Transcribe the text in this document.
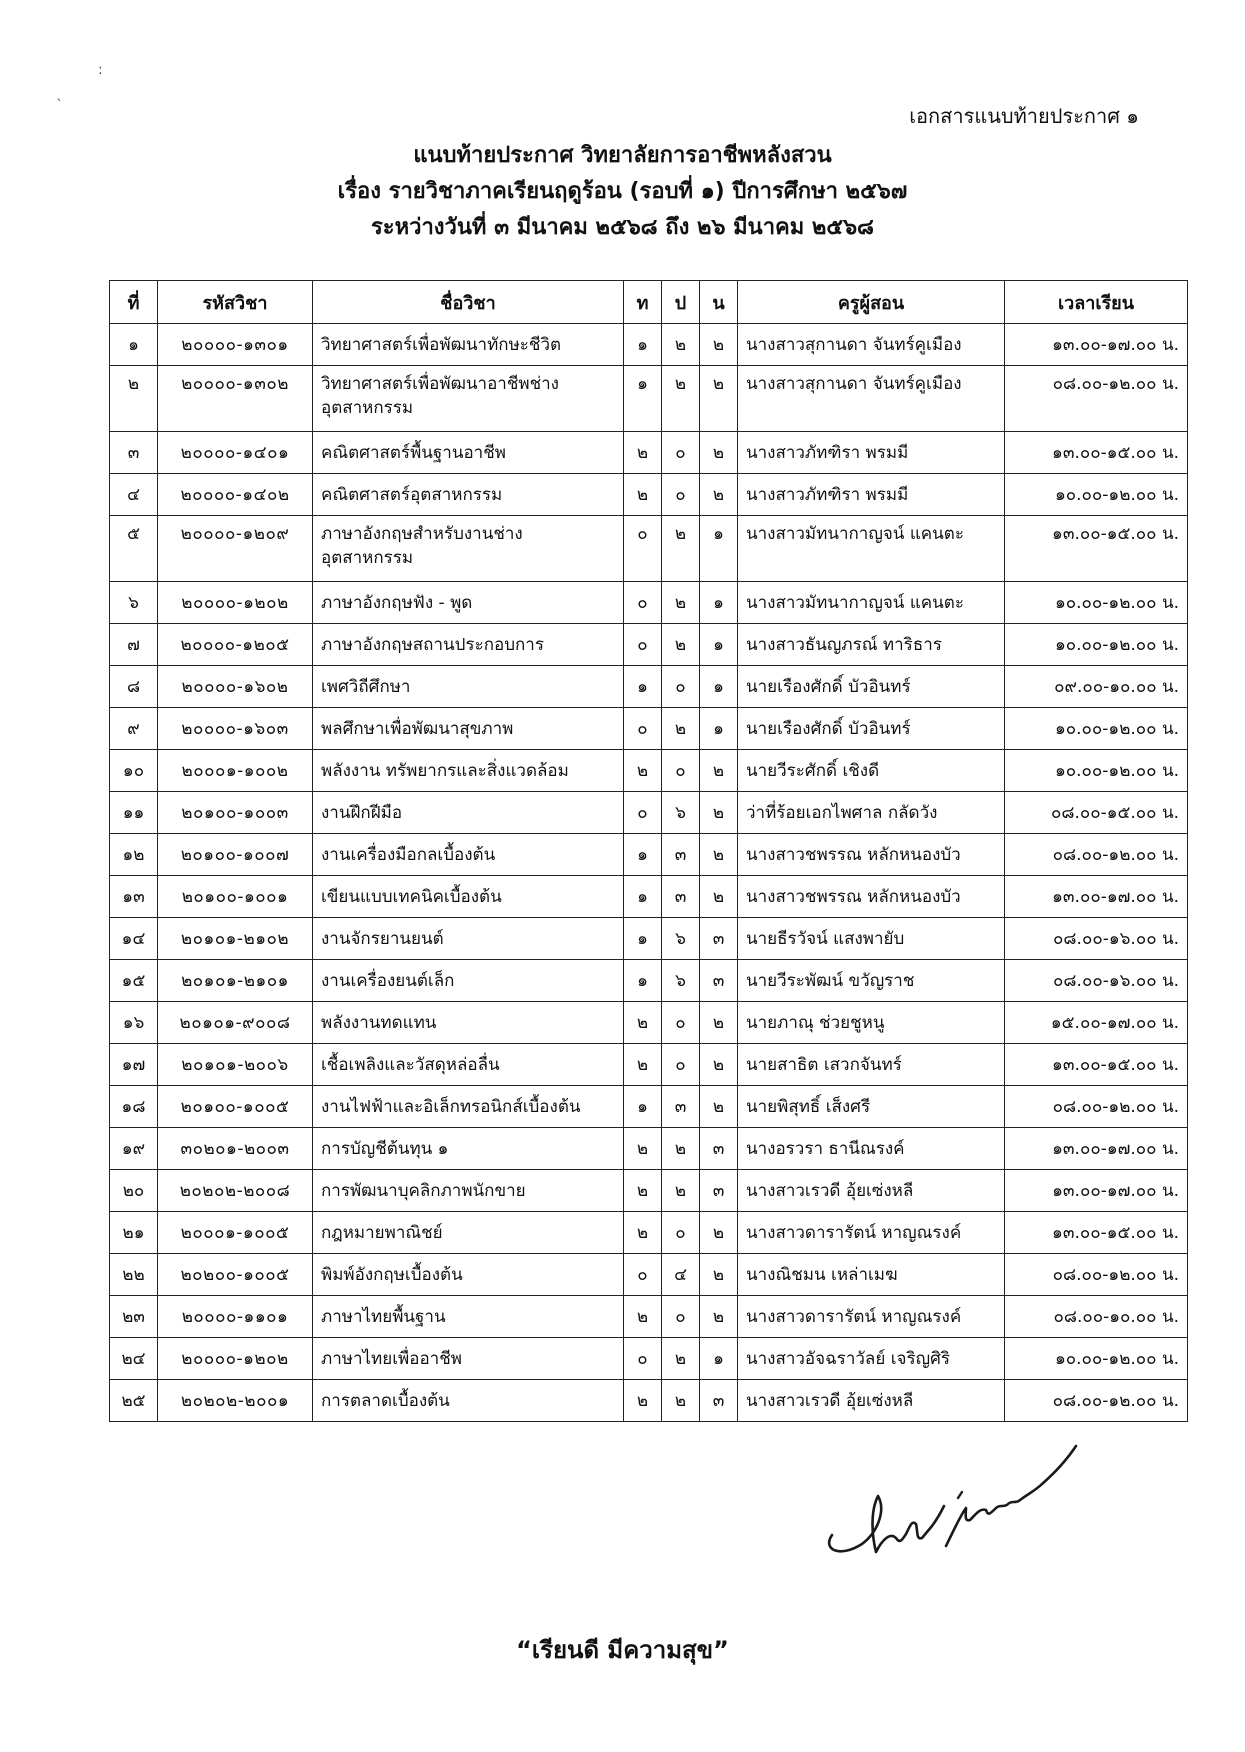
:
`	เอกสารแนบท้ายประกาศ ๑
แนบท้ายประกาศ วิทยาลัยการอาชีพหลังสวน
เรื่อง รายวิชาภาคเรียนฤดูร้อน (รอบที่ ๑) ปีการศึกษา ๒๕๖๗
ระหว่างวันที่ ๓ มีนาคม ๒๕๖๘ ถึง ๒๖ มีนาคม ๒๕๖๘
ที่	รหัสวิชา	ชื่อวิชา	ท	ป	น	ครูผู้สอน	เวลาเรียน
๑	๒๐๐๐๐-๑๓๐๑	วิทยาศาสตร์เพื่อพัฒนาทักษะชีวิต	๑	๒	๒	นางสาวสุกานดา จันทร์คูเมือง	๑๓.๐๐-๑๗.๐๐ น.
๒	๒๐๐๐๐-๑๓๐๒	วิทยาศาสตร์เพื่อพัฒนาอาชีพช่าง อุตสาหกรรม	๑	๒	๒	นางสาวสุกานดา จันทร์คูเมือง	๐๘.๐๐-๑๒.๐๐ น.
๓	๒๐๐๐๐-๑๔๐๑	คณิตศาสตร์พื้นฐานอาชีพ	๒	๐	๒	นางสาวภัทฑิรา พรมมี	๑๓.๐๐-๑๕.๐๐ น.
๔	๒๐๐๐๐-๑๔๐๒	คณิตศาสตร์อุตสาหกรรม	๒	๐	๒	นางสาวภัทฑิรา พรมมี	๑๐.๐๐-๑๒.๐๐ น.
๕	๒๐๐๐๐-๑๒๐๙	ภาษาอังกฤษสำหรับงานช่าง อุตสาหกรรม	๐	๒	๑	นางสาวมัทนากาญจน์ แคนตะ	๑๓.๐๐-๑๕.๐๐ น.
๖	๒๐๐๐๐-๑๒๐๒	ภาษาอังกฤษฟัง - พูด	๐	๒	๑	นางสาวมัทนากาญจน์ แคนตะ	๑๐.๐๐-๑๒.๐๐ น.
๗	๒๐๐๐๐-๑๒๐๕	ภาษาอังกฤษสถานประกอบการ	๐	๒	๑	นางสาวธันญภรณ์ ทาริธาร	๑๐.๐๐-๑๒.๐๐ น.
๘	๒๐๐๐๐-๑๖๐๒	เพศวิถีศึกษา	๑	๐	๑	นายเรืองศักดิ์ บัวอินทร์	๐๙.๐๐-๑๐.๐๐ น.
๙	๒๐๐๐๐-๑๖๐๓	พลศึกษาเพื่อพัฒนาสุขภาพ	๐	๒	๑	นายเรืองศักดิ์ บัวอินทร์	๑๐.๐๐-๑๒.๐๐ น.
๑๐	๒๐๐๐๑-๑๐๐๒	พลังงาน ทรัพยากรและสิ่งแวดล้อม	๒	๐	๒	นายวีระศักดิ์ เชิงดี	๑๐.๐๐-๑๒.๐๐ น.
๑๑	๒๐๑๐๐-๑๐๐๓	งานฝึกฝีมือ	๐	๖	๒	ว่าที่ร้อยเอกไพศาล กลัดวัง	๐๘.๐๐-๑๕.๐๐ น.
๑๒	๒๐๑๐๐-๑๐๐๗	งานเครื่องมือกลเบื้องต้น	๑	๓	๒	นางสาวชพรรณ หลักหนองบัว	๐๘.๐๐-๑๒.๐๐ น.
๑๓	๒๐๑๐๐-๑๐๐๑	เขียนแบบเทคนิคเบื้องต้น	๑	๓	๒	นางสาวชพรรณ หลักหนองบัว	๑๓.๐๐-๑๗.๐๐ น.
๑๔	๒๐๑๐๑-๒๑๐๒	งานจักรยานยนต์	๑	๖	๓	นายธีรวัจน์ แสงพายับ	๐๘.๐๐-๑๖.๐๐ น.
๑๕	๒๐๑๐๑-๒๑๐๑	งานเครื่องยนต์เล็ก	๑	๖	๓	นายวีระพัฒน์ ขวัญราช	๐๘.๐๐-๑๖.๐๐ น.
๑๖	๒๐๑๐๑-๙๐๐๘	พลังงานทดแทน	๒	๐	๒	นายภาณุ ช่วยชูหนู	๑๕.๐๐-๑๗.๐๐ น.
๑๗	๒๐๑๐๑-๒๐๐๖	เชื้อเพลิงและวัสดุหล่อลื่น	๒	๐	๒	นายสาธิต เสวกจันทร์	๑๓.๐๐-๑๕.๐๐ น.
๑๘	๒๐๑๐๐-๑๐๐๕	งานไฟฟ้าและอิเล็กทรอนิกส์เบื้องต้น	๑	๓	๒	นายพิสุทธิ์ เส็งศรี	๐๘.๐๐-๑๒.๐๐ น.
๑๙	๓๐๒๐๑-๒๐๐๓	การบัญชีต้นทุน ๑	๒	๒	๓	นางอรวรา ธานีณรงค์	๑๓.๐๐-๑๗.๐๐ น.
๒๐	๒๐๒๐๒-๒๐๐๘	การพัฒนาบุคลิกภาพนักขาย	๒	๒	๓	นางสาวเรวดี อุ้ยเซ่งหลี	๑๓.๐๐-๑๗.๐๐ น.
๒๑	๒๐๐๐๑-๑๐๐๕	กฎหมายพาณิชย์	๒	๐	๒	นางสาวดารารัตน์ หาญณรงค์	๑๓.๐๐-๑๕.๐๐ น.
๒๒	๒๐๒๐๐-๑๐๐๕	พิมพ์อังกฤษเบื้องต้น	๐	๔	๒	นางณิชมน เหล่าเมฆ	๐๘.๐๐-๑๒.๐๐ น.
๒๓	๒๐๐๐๐-๑๑๐๑	ภาษาไทยพื้นฐาน	๒	๐	๒	นางสาวดารารัตน์ หาญณรงค์	๐๘.๐๐-๑๐.๐๐ น.
๒๔	๒๐๐๐๐-๑๒๐๒	ภาษาไทยเพื่ออาชีพ	๐	๒	๑	นางสาวอัจฉราวัลย์ เจริญศิริ	๑๐.๐๐-๑๒.๐๐ น.
๒๕	๒๐๒๐๒-๒๐๐๑	การตลาดเบื้องต้น	๒	๒	๓	นางสาวเรวดี อุ้ยเซ่งหลี	๐๘.๐๐-๑๒.๐๐ น.
“เรียนดี มีความสุข”
